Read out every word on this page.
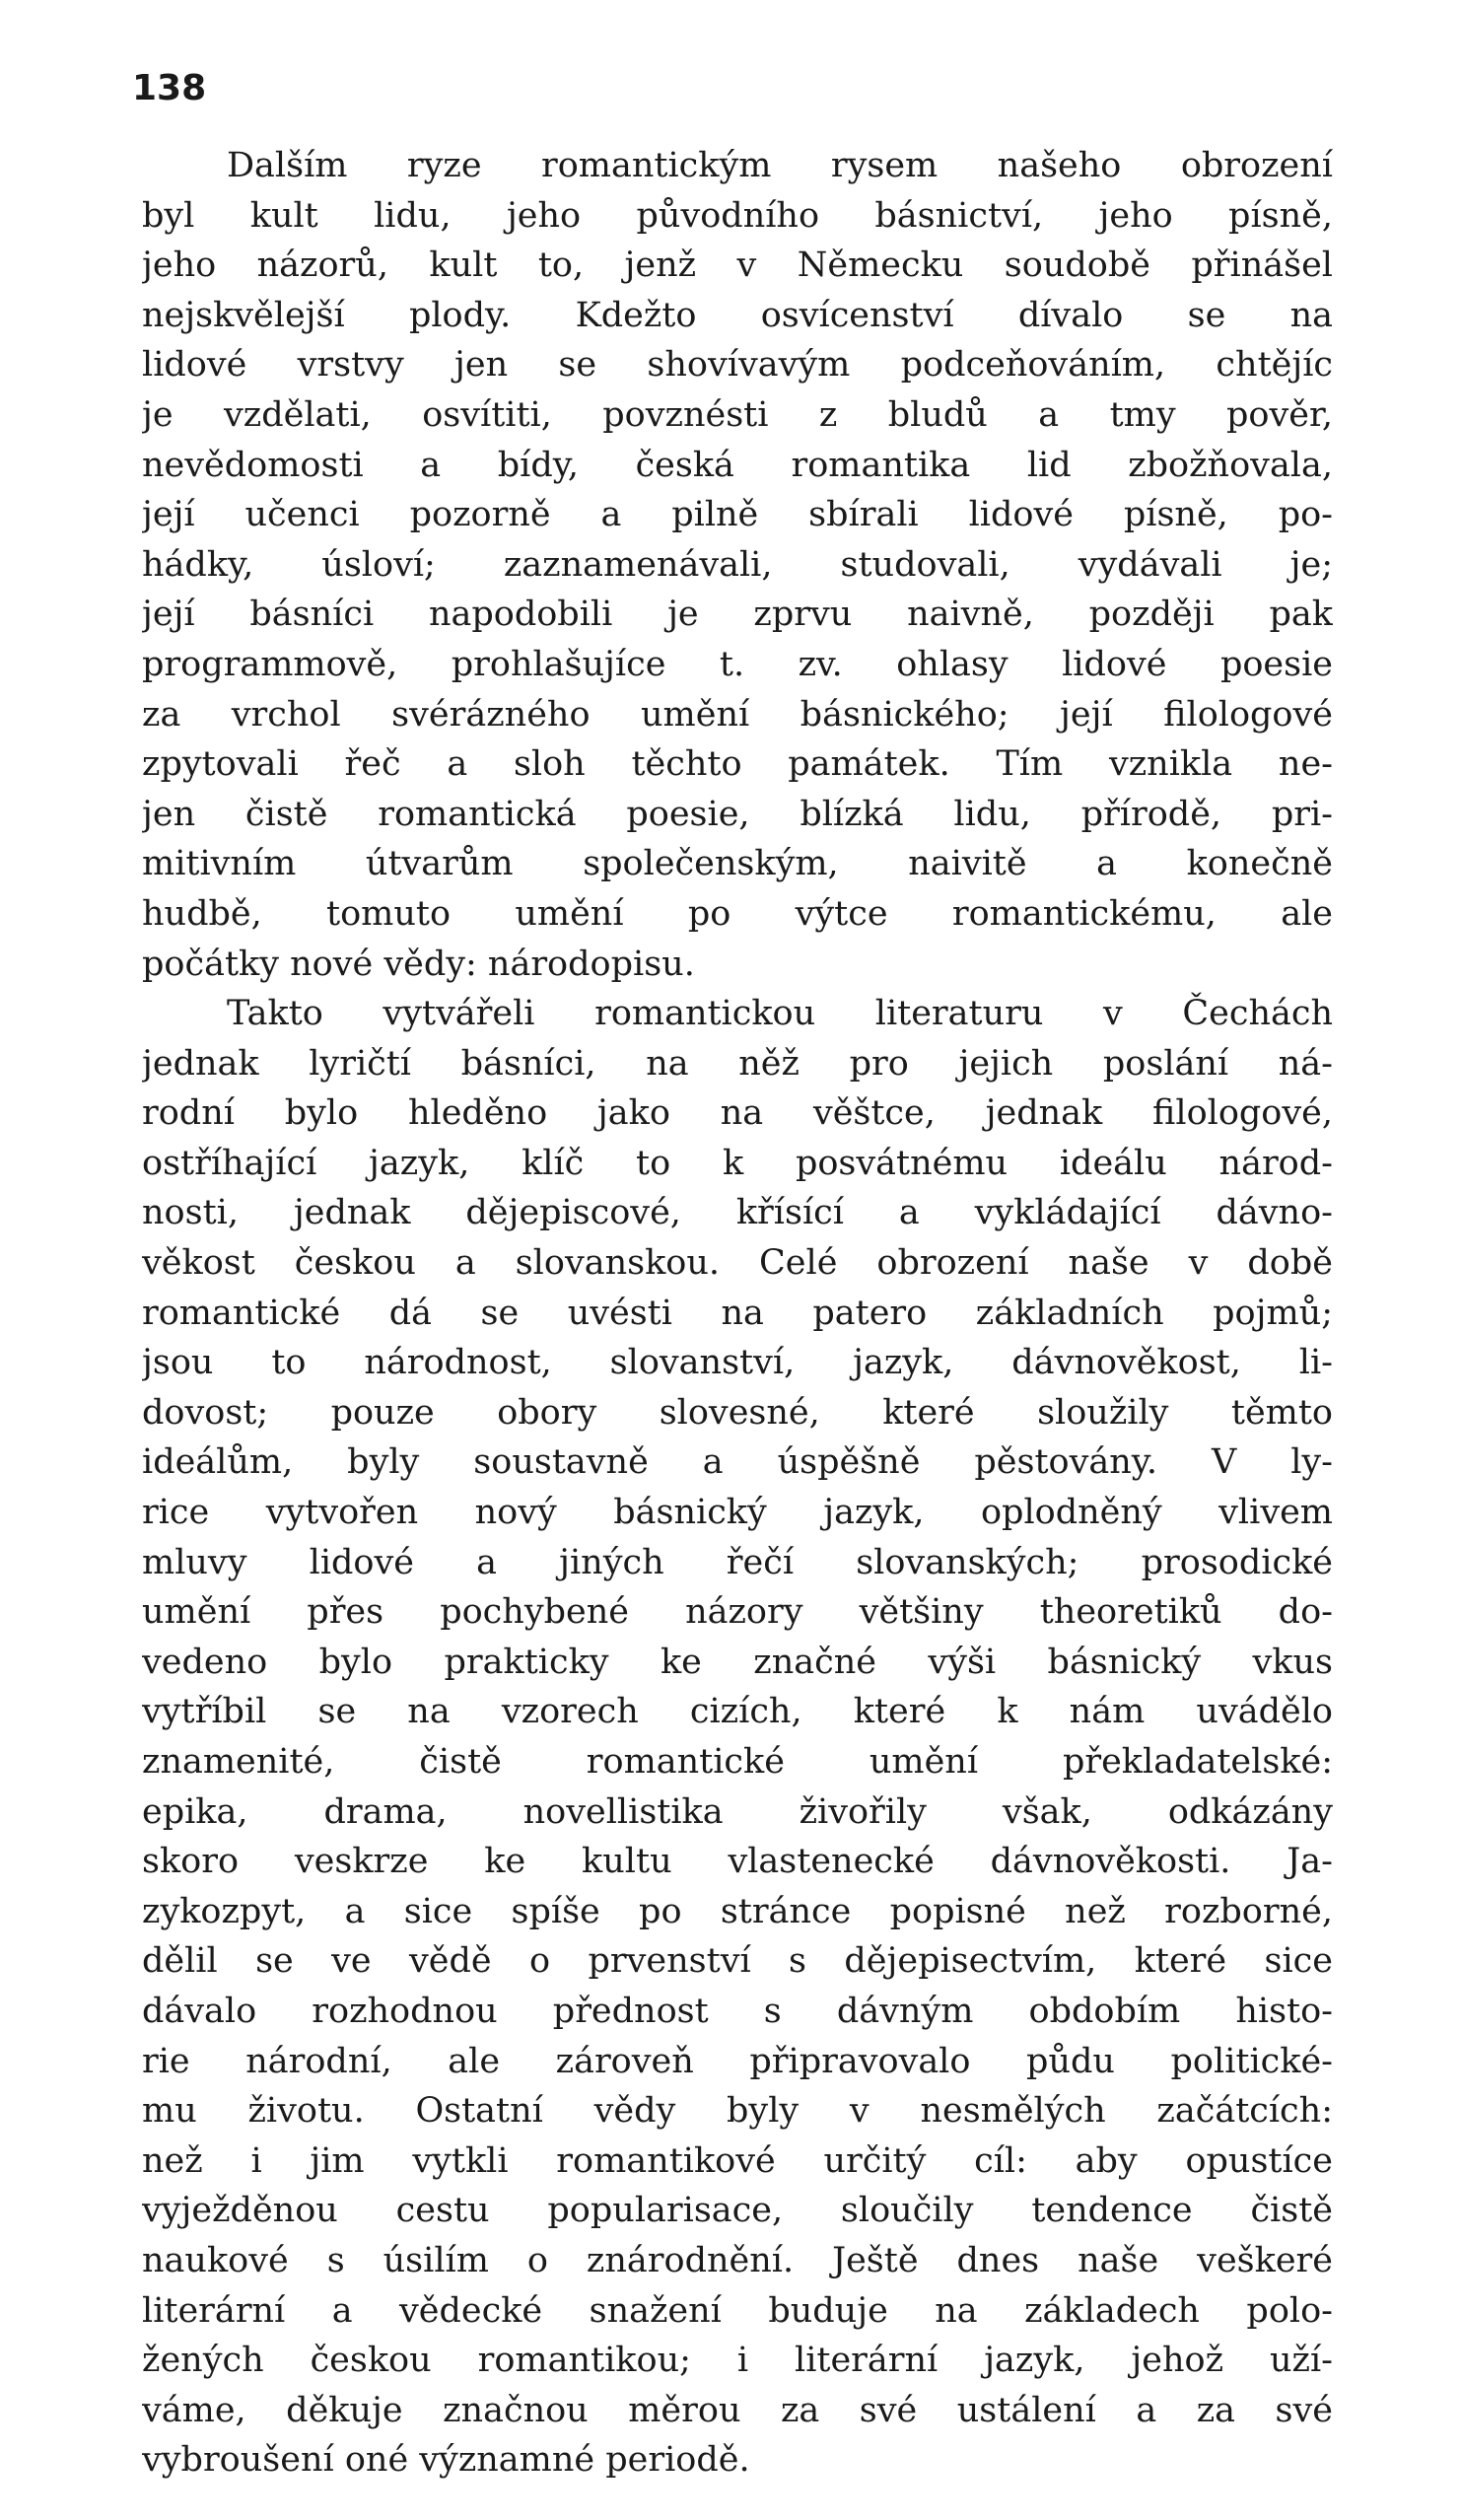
138
Dalším ryze romantickým rysem našeho obrození
byl kult lidu, jeho původního básnictví, jeho písně,
jeho názorů, kult to, jenž v Německu soudobě přinášel
nejskvělejší plody. Kdežto osvícenství dívalo se na
lidové vrstvy jen se shovívavým podceňováním, chtějíc
je vzdělati, osvítiti, povznésti z bludů a tmy pověr,
nevědomosti a bídy, česká romantika lid zbožňovala,
její učenci pozorně a pilně sbírali lidové písně, po-
hádky, úsloví; zaznamenávali, studovali, vydávali je;
její básníci napodobili je zprvu naivně, později pak
programmově, prohlašujíce t. zv. ohlasy lidové poesie
za vrchol svérázného umění básnického; její filologové
zpytovali řeč a sloh těchto památek. Tím vznikla ne-
jen čistě romantická poesie, blízká lidu, přírodě, pri-
mitivním útvarům společenským, naivitě a konečně
hudbě, tomuto umění po výtce romantickému, ale
počátky nové vědy: národopisu.
Takto vytvářeli romantickou literaturu v Čechách
jednak lyričtí básníci, na něž pro jejich poslání ná-
rodní bylo hleděno jako na věštce, jednak filologové,
ostříhající jazyk, klíč to k posvátnému ideálu národ-
nosti, jednak dějepiscové, křísící a vykládající dávno-
věkost českou a slovanskou. Celé obrození naše v době
romantické dá se uvésti na patero základních pojmů;
jsou to národnost, slovanství, jazyk, dávnověkost, li-
dovost; pouze obory slovesné, které sloužily těmto
ideálům, byly soustavně a úspěšně pěstovány. V ly-
rice vytvořen nový básnický jazyk, oplodněný vlivem
mluvy lidové a jiných řečí slovanských; prosodické
umění přes pochybené názory většiny theoretiků do-
vedeno bylo prakticky ke značné výši básnický vkus
vytříbil se na vzorech cizích, které k nám uvádělo
znamenité, čistě romantické umění překladatelské:
epika, drama, novellistika živořily však, odkázány
skoro veskrze ke kultu vlastenecké dávnověkosti. Ja-
zykozpyt, a sice spíše po stránce popisné než rozborné,
dělil se ve vědě o prvenství s dějepisectvím, které sice
dávalo rozhodnou přednost s dávným obdobím histo-
rie národní, ale zároveň připravovalo půdu politické-
mu životu. Ostatní vědy byly v nesmělých začátcích:
než i jim vytkli romantikové určitý cíl: aby opustíce
vyježděnou cestu popularisace, sloučily tendence čistě
naukové s úsilím o znárodnění. Ještě dnes naše veškeré
literární a vědecké snažení buduje na základech polo-
žených českou romantikou; i literární jazyk, jehož uží-
váme, děkuje značnou měrou za své ustálení a za své
vybroušení oné významné periodě.
